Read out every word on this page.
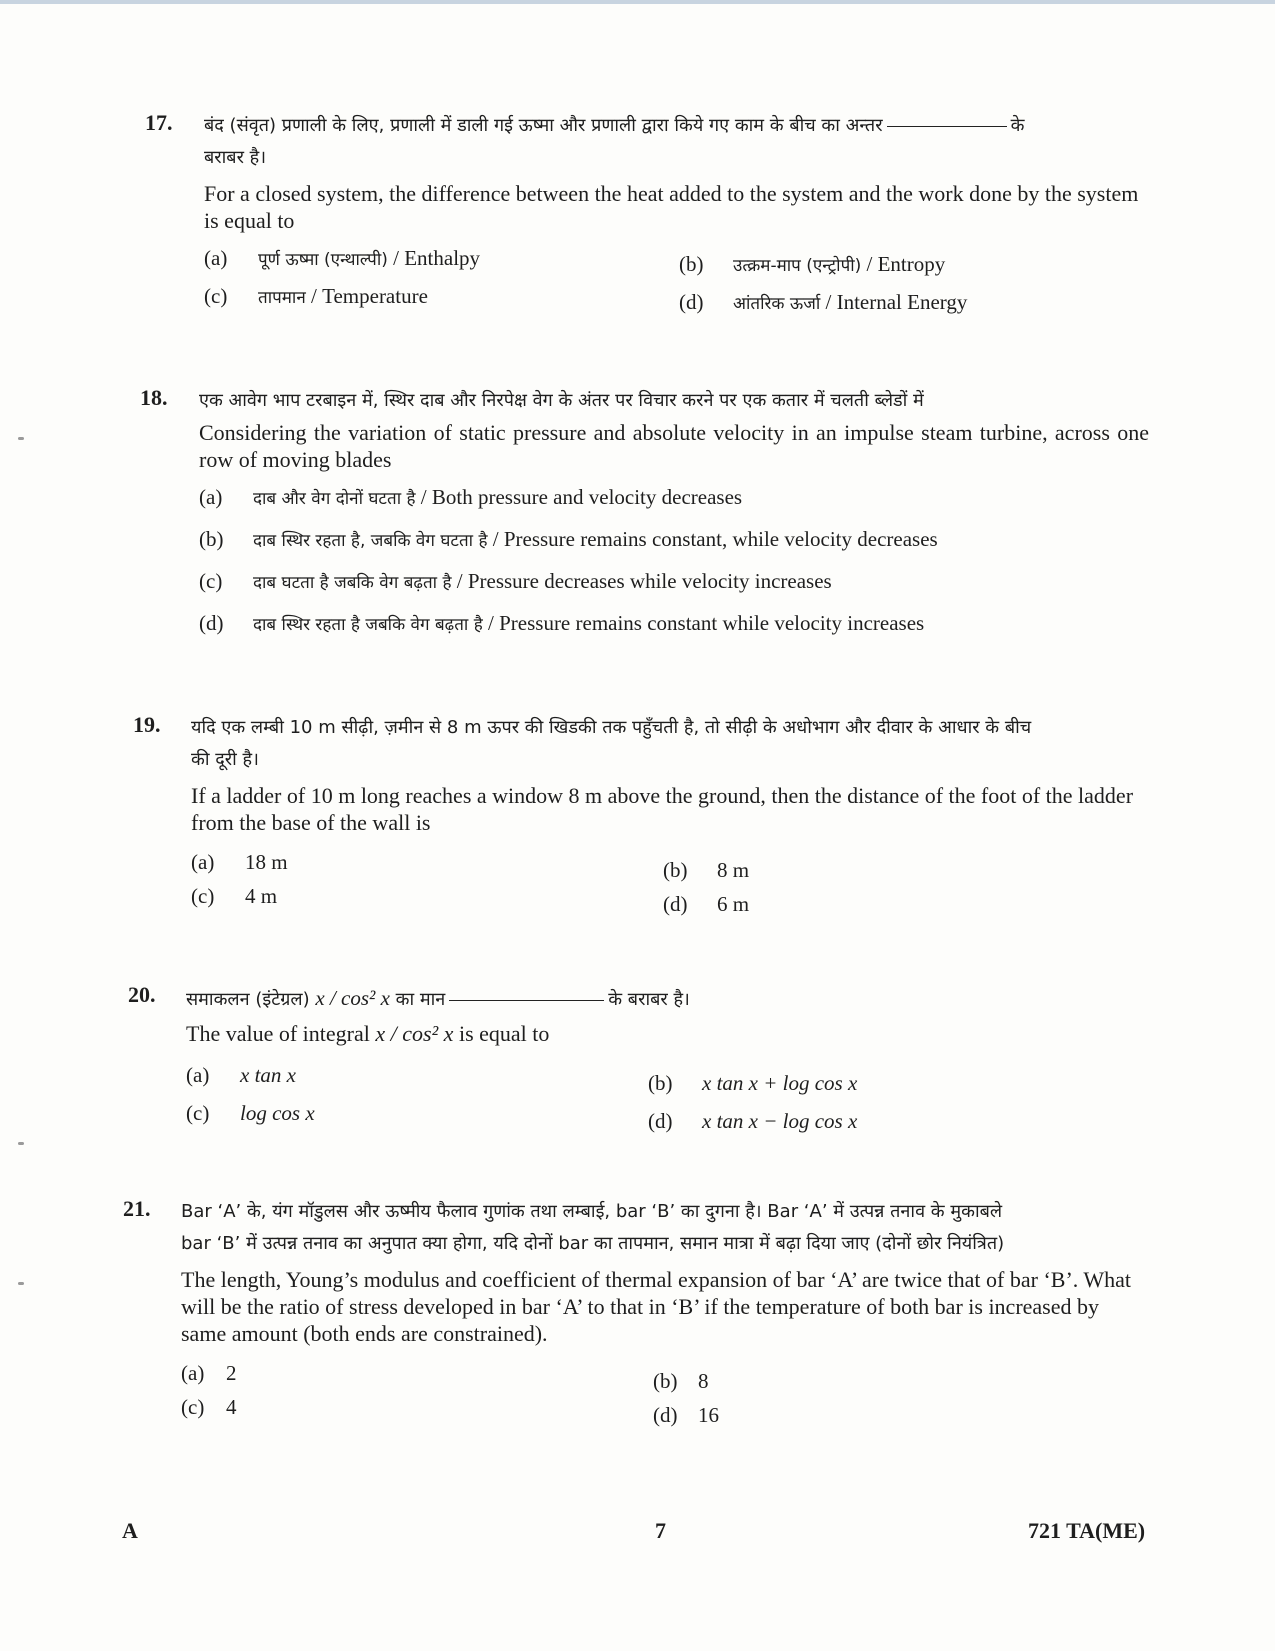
17. बंद (संवृत) प्रणाली के लिए, प्रणाली में डाली गई ऊष्मा और प्रणाली द्वारा किये गए काम के बीच का अन्तर	के
बराबर है।
For a closed system, the difference between the heat added to the system and the work done by the system is equal to
(a) पूर्ण ऊष्मा (एन्थाल्पी) / Enthalpy	(b) उत्क्रम-माप (एन्ट्रोपी) / Entropy
(c) तापमान / Temperature	(d) आंतरिक ऊर्जा / Internal Energy
18. एक आवेग भाप टरबाइन में, स्थिर दाब और निरपेक्ष वेग के अंतर पर विचार करने पर एक कतार में चलती ब्लेडों में
Considering the variation of static pressure and absolute velocity in an impulse steam turbine, across one row of moving blades
(a) दाब और वेग दोनों घटता है / Both pressure and velocity decreases
(b) दाब स्थिर रहता है, जबकि वेग घटता है / Pressure remains constant, while velocity decreases
(c) दाब घटता है जबकि वेग बढ़ता है / Pressure decreases while velocity increases
(d) दाब स्थिर रहता है जबकि वेग बढ़ता है / Pressure remains constant while velocity increases
19. यदि एक लम्बी 10 m सीढ़ी, ज़मीन से 8 m ऊपर की खिडकी तक पहुँचती है, तो सीढ़ी के अधोभाग और दीवार के आधार के बीच
की दूरी है।
If a ladder of 10 m long reaches a window 8 m above the ground, then the distance of the foot of the ladder from the base of the wall is
(a) 18 m	(b) 8 m
(c) 4 m	(d) 6 m
20. समाकलन (इंटेग्रल) x / cos² x का मान	के बराबर है।
The value of integral x / cos² x is equal to
(a) x tan x	(b) x tan x + log cos x
(c) log cos x	(d) x tan x − log cos x
21. Bar ‘A’ के, यंग मॉडुलस और ऊष्मीय फैलाव गुणांक तथा लम्बाई, bar ‘B’ का दुगना है। Bar ‘A’ में उत्पन्न तनाव के मुकाबले
bar ‘B’ में उत्पन्न तनाव का अनुपात क्या होगा, यदि दोनों bar का तापमान, समान मात्रा में बढ़ा दिया जाए (दोनों छोर नियंत्रित)
The length, Young’s modulus and coefficient of thermal expansion of bar ‘A’ are twice that of bar ‘B’. What will be the ratio of stress developed in bar ‘A’ to that in ‘B’ if the temperature of both bar is increased by same amount (both ends are constrained).
(a) 2	(b) 8
(c) 4	(d) 16
A	7	721 TA(ME)
